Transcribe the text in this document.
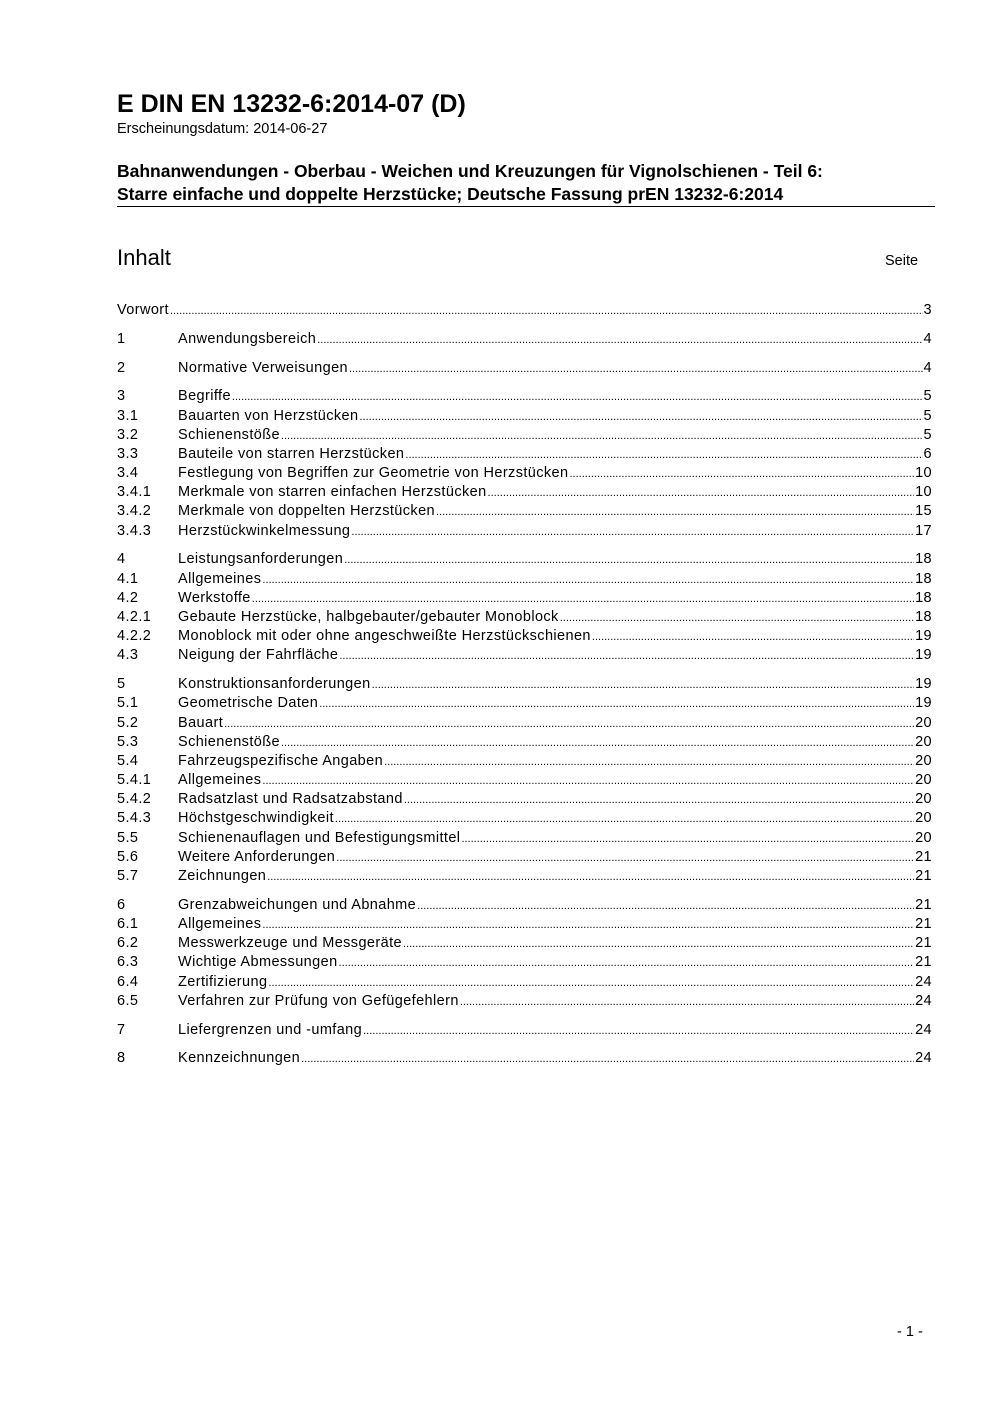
E DIN EN 13232-6:2014-07 (D)
Erscheinungsdatum: 2014-06-27
Bahnanwendungen - Oberbau - Weichen und Kreuzungen für Vignolschienen - Teil 6:
Starre einfache und doppelte Herzstücke; Deutsche Fassung prEN 13232-6:2014
Inhalt	Seite
Vorwort .....	3
1	Anwendungsbereich .....	4
2	Normative Verweisungen .....	4
3	Begriffe .....	5
3.1	Bauarten von Herzstücken .....	5
3.2	Schienenstöße .....	5
3.3	Bauteile von starren Herzstücken .....	6
3.4	Festlegung von Begriffen zur Geometrie von Herzstücken .....	10
3.4.1	Merkmale von starren einfachen Herzstücken .....	10
3.4.2	Merkmale von doppelten Herzstücken .....	15
3.4.3	Herzstückwinkelmessung .....	17
4	Leistungsanforderungen .....	18
4.1	Allgemeines .....	18
4.2	Werkstoffe .....	18
4.2.1	Gebaute Herzstücke, halbgebauter/gebauter Monoblock .....	18
4.2.2	Monoblock mit oder ohne angeschweißte Herzstückschienen .....	19
4.3	Neigung der Fahrfläche .....	19
5	Konstruktionsanforderungen .....	19
5.1	Geometrische Daten .....	19
5.2	Bauart .....	20
5.3	Schienenstöße .....	20
5.4	Fahrzeugspezifische Angaben .....	20
5.4.1	Allgemeines .....	20
5.4.2	Radsatzlast und Radsatzabstand .....	20
5.4.3	Höchstgeschwindigkeit .....	20
5.5	Schienenauflagen und Befestigungsmittel .....	20
5.6	Weitere Anforderungen .....	21
5.7	Zeichnungen .....	21
6	Grenzabweichungen und Abnahme .....	21
6.1	Allgemeines .....	21
6.2	Messwerkzeuge und Messgeräte .....	21
6.3	Wichtige Abmessungen .....	21
6.4	Zertifizierung .....	24
6.5	Verfahren zur Prüfung von Gefügefehlern .....	24
7	Liefergrenzen und -umfang .....	24
8	Kennzeichnungen .....	24
- 1 -
